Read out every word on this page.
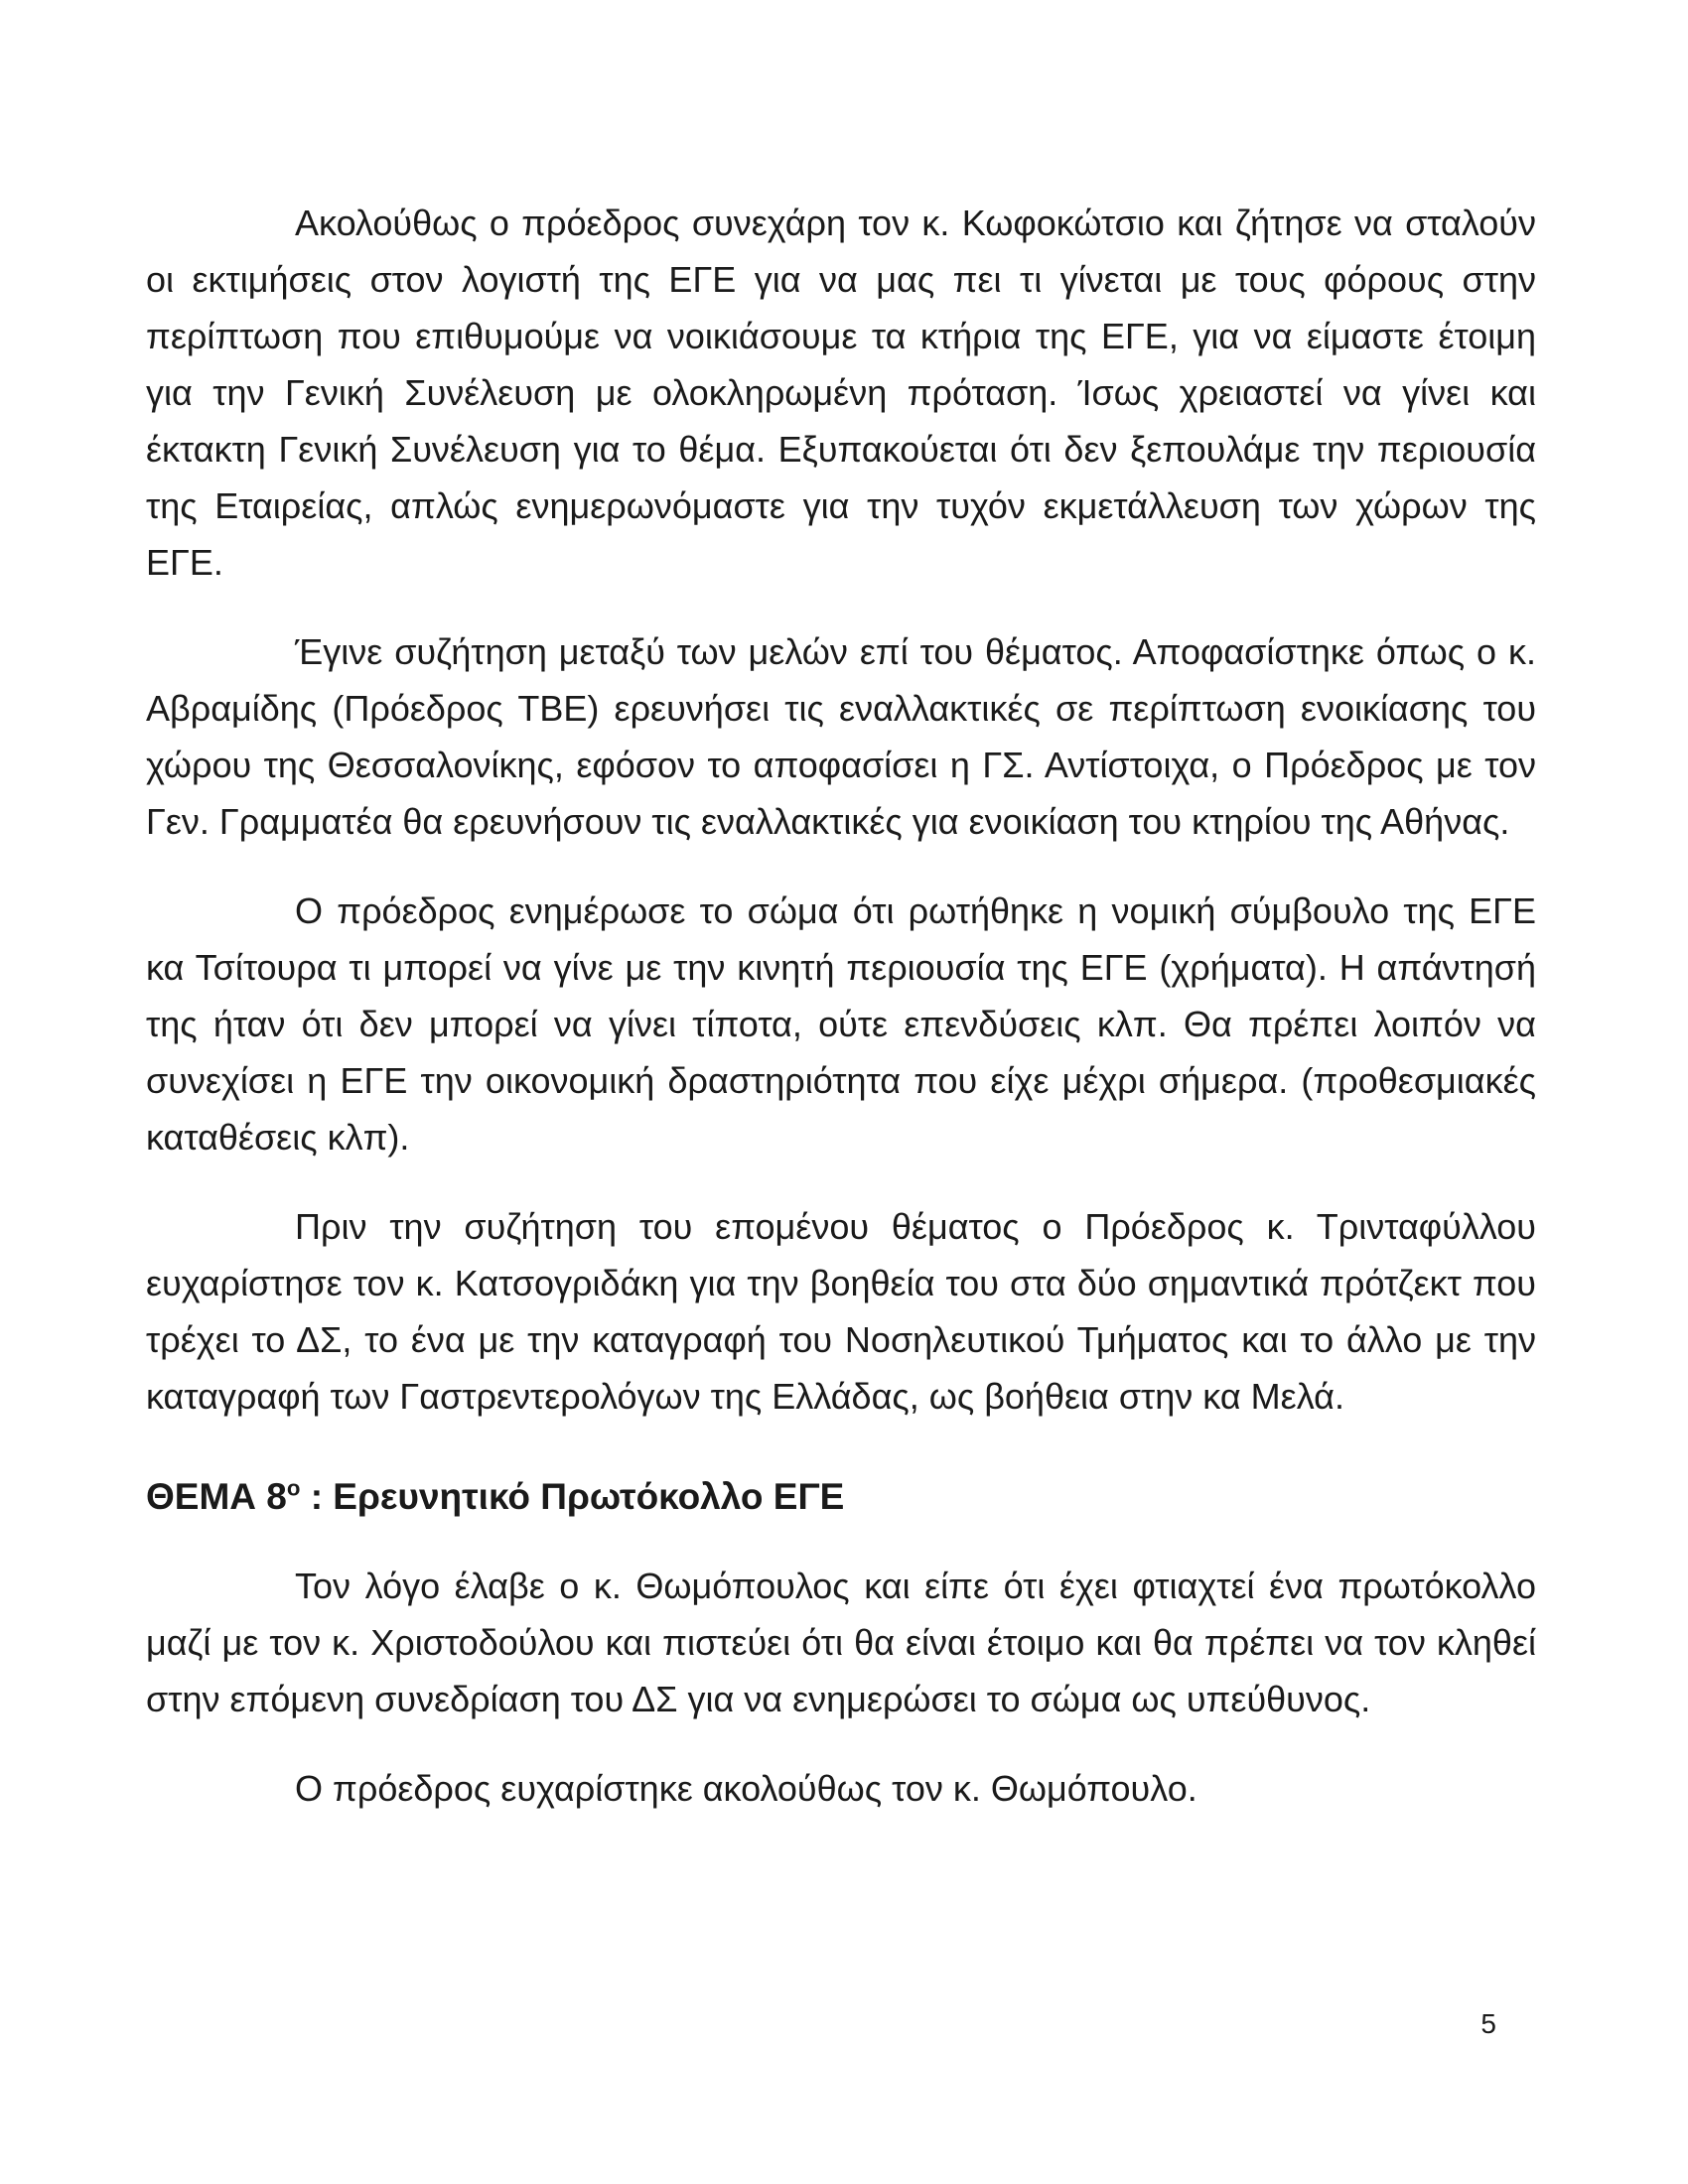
Ακολούθως ο πρόεδρος συνεχάρη τον κ. Κωφοκώτσιο και ζήτησε να σταλούν οι εκτιμήσεις στον λογιστή της ΕΓΕ για να μας πει τι γίνεται με τους φόρους στην περίπτωση που επιθυμούμε να νοικιάσουμε τα κτήρια της ΕΓΕ, για να είμαστε έτοιμη για την Γενική Συνέλευση με ολοκληρωμένη πρόταση. Ίσως χρειαστεί να γίνει και έκτακτη Γενική Συνέλευση για το θέμα. Εξυπακούεται ότι δεν ξεπουλάμε την περιουσία της Εταιρείας, απλώς ενημερωνόμαστε για την τυχόν εκμετάλλευση των χώρων της ΕΓΕ.

Έγινε συζήτηση μεταξύ των μελών επί του θέματος. Αποφασίστηκε όπως ο κ. Αβραμίδης (Πρόεδρος ΤΒΕ) ερευνήσει τις εναλλακτικές σε περίπτωση ενοικίασης του χώρου της Θεσσαλονίκης, εφόσον το αποφασίσει η ΓΣ. Αντίστοιχα, ο Πρόεδρος με τον Γεν. Γραμματέα θα ερευνήσουν τις εναλλακτικές για ενοικίαση του κτηρίου της Αθήνας.

Ο πρόεδρος ενημέρωσε το σώμα ότι ρωτήθηκε η νομική σύμβουλο της ΕΓΕ κα Τσίτουρα τι μπορεί να γίνε με την κινητή περιουσία της ΕΓΕ (χρήματα). Η απάντησή της ήταν ότι δεν μπορεί να γίνει τίποτα, ούτε επενδύσεις κλπ. Θα πρέπει λοιπόν να συνεχίσει η ΕΓΕ την οικονομική δραστηριότητα που είχε μέχρι σήμερα. (προθεσμιακές καταθέσεις κλπ).

Πριν την συζήτηση του επομένου θέματος ο Πρόεδρος κ. Τρινταφύλλου ευχαρίστησε τον κ. Κατσογριδάκη για την βοηθεία του στα δύο σημαντικά πρότζεκτ που τρέχει το ΔΣ, το ένα με την καταγραφή του Νοσηλευτικού Τμήματος και το άλλο με την καταγραφή των Γαστρεντερολόγων της Ελλάδας, ως βοήθεια στην κα Μελά.

ΘΕΜΑ $8^o$ : Ερευνητικό Πρωτόκολλο ΕΓΕ

Τον λόγο έλαβε ο κ. Θωμόπουλος και είπε ότι έχει φτιαχτεί ένα πρωτόκολλο μαζί με τον κ. Χριστοδούλου και πιστεύει ότι θα είναι έτοιμο και θα πρέπει να τον κληθεί στην επόμενη συνεδρίαση του ΔΣ για να ενημερώσει το σώμα ως υπεύθυνος.

Ο πρόεδρος ευχαρίστηκε ακολούθως τον κ. Θωμόπουλο.

5
